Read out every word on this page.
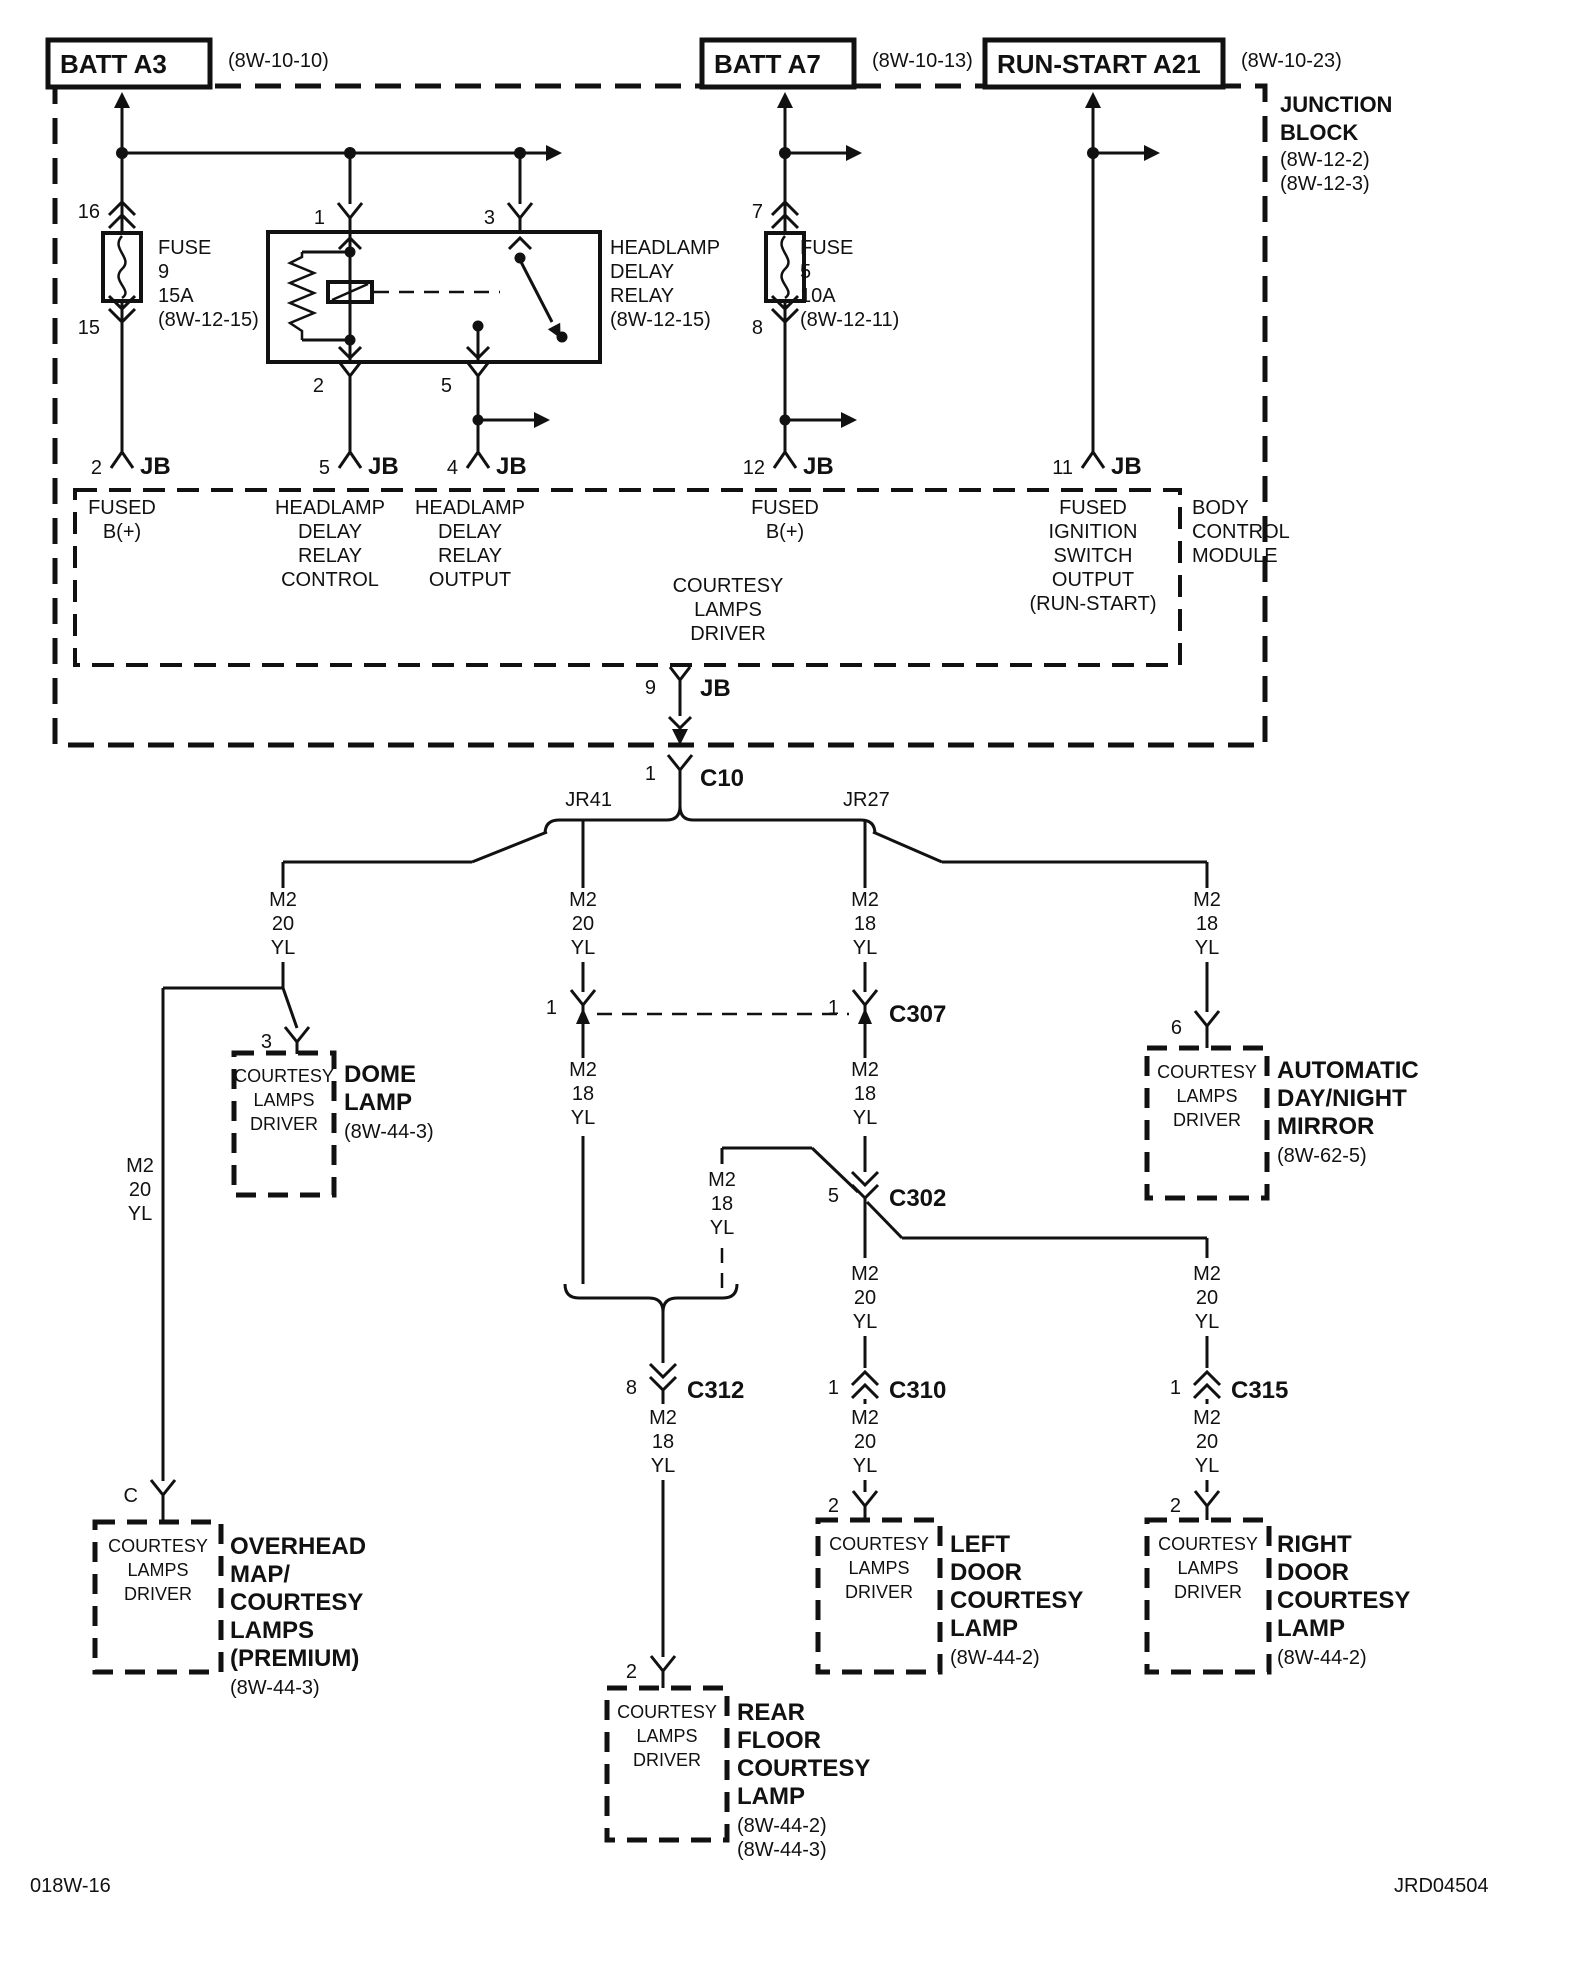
JUNCTION BLOCK
(8W-12-2) (8W-12-3)
BATT A3	(8W-10-10)	BATT A7	(8W-10-13) RUN-START A21 (8W-10-23)
16
15
FUSE 9 15A (8W-12-15)
1	3
2	5
HEADLAMP DELAY RELAY (8W-12-15)
7
8
FUSE 5 10A (8W-12-11)
BODY CONTROL MODULE
2 JB
FUSED B(+)
5 JB
HEADLAMP DELAY RELAY CONTROL
4 JB
HEADLAMP DELAY RELAY OUTPUT
12 JB
FUSED B(+)
11 JB
FUSED IGNITION SWITCH OUTPUT (RUN-START)
COURTESY LAMPS DRIVER
9 JB
1 C10
JR41	JR27
M2 20 YL
M2 20 YL
M2 18 YL
M2 18 YL
M2 20 YL
3
COURTESY LAMPS DRIVER
DOME LAMP
(8W-44-3)
1	1 C307
M2 18 YL
M2 18 YL
M2 18 YL
5 C302
M2 20 YL
M2 20 YL
8 C312
M2 18 YL
2
1 C310
M2 20 YL
2
COURTESY LAMPS DRIVER
LEFT DOOR COURTESY LAMP
(8W-44-2)
1 C315
M2 20 YL
2
COURTESY LAMPS DRIVER
RIGHT DOOR COURTESY LAMP
(8W-44-2)
6
COURTESY LAMPS DRIVER
AUTOMATIC DAY/NIGHT MIRROR
(8W-62-5)
C
COURTESY LAMPS DRIVER
OVERHEAD MAP/ COURTESY LAMPS (PREMIUM)
(8W-44-3)
COURTESY LAMPS DRIVER
REAR FLOOR COURTESY LAMP
(8W-44-2) (8W-44-3)
018W-16	JRD04504
